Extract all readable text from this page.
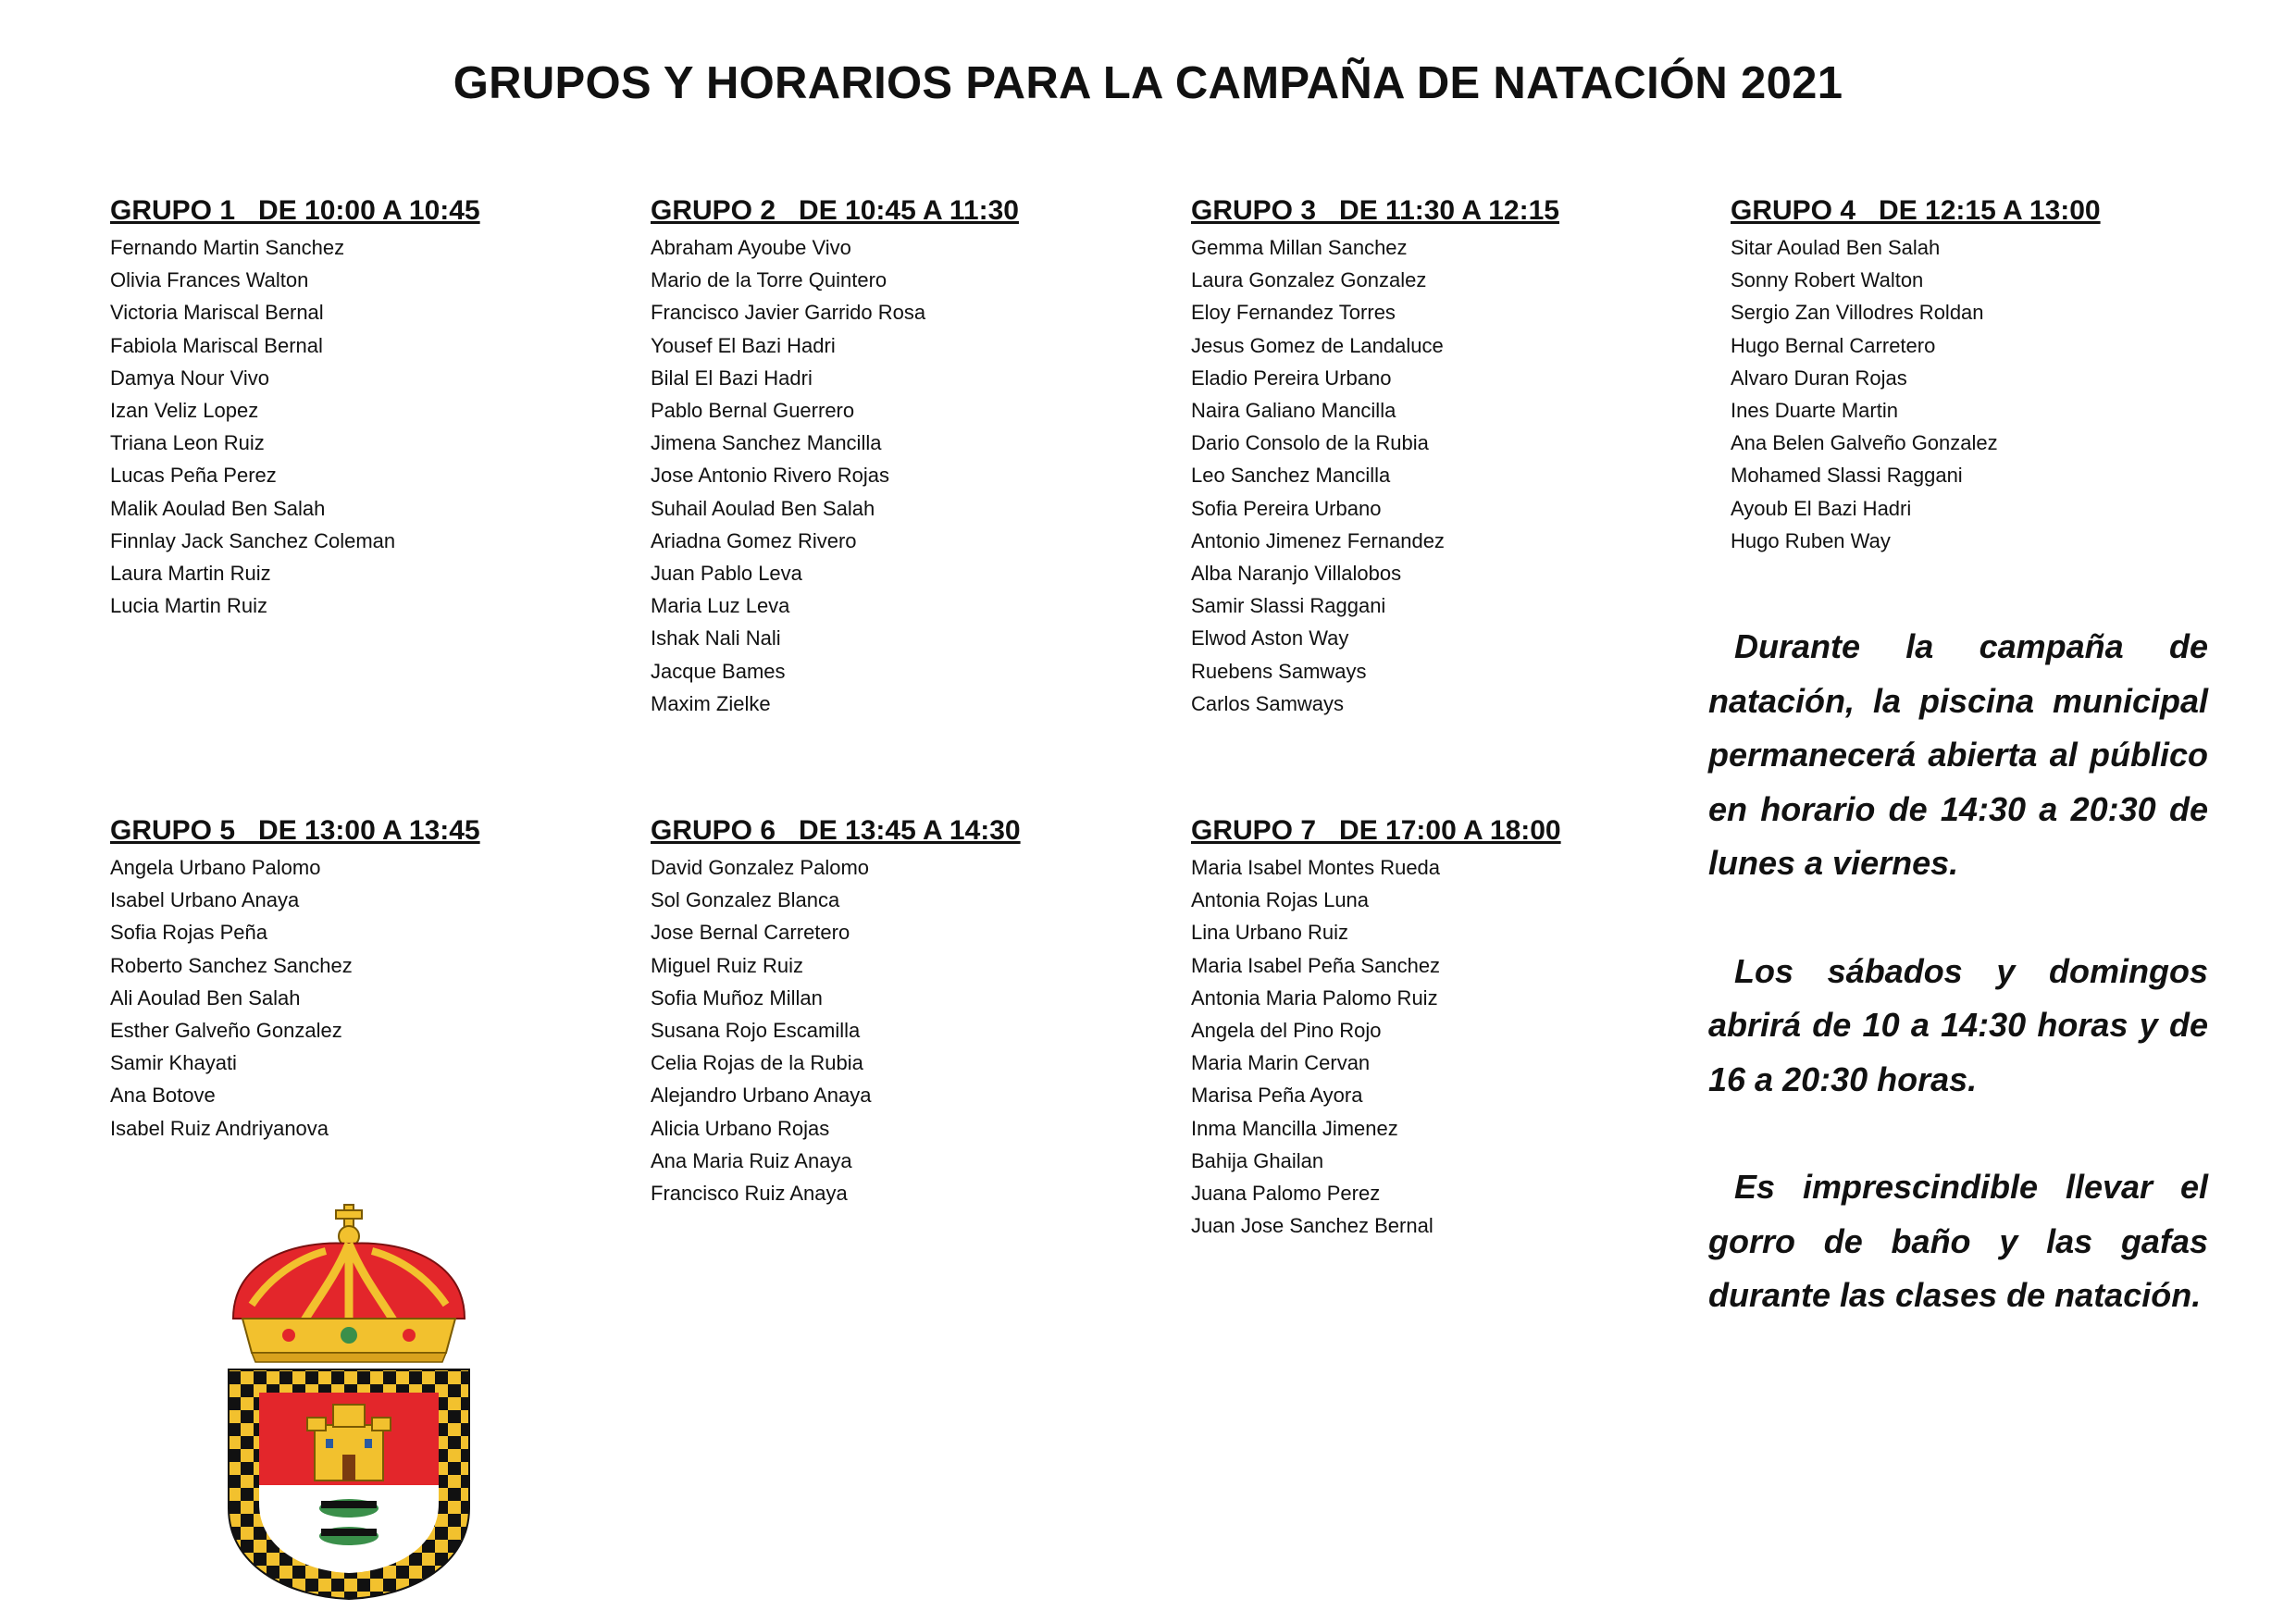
GRUPOS Y HORARIOS PARA LA CAMPAÑA DE NATACIÓN 2021
GRUPO 1   DE 10:00 A 10:45
Fernando Martin Sanchez
Olivia Frances Walton
Victoria Mariscal Bernal
Fabiola Mariscal Bernal
Damya Nour Vivo
Izan Veliz Lopez
Triana Leon Ruiz
Lucas Peña Perez
Malik Aoulad Ben Salah
Finnlay Jack Sanchez Coleman
Laura Martin Ruiz
Lucia Martin Ruiz
GRUPO 2   DE 10:45 A 11:30
Abraham Ayoube Vivo
Mario de la Torre Quintero
Francisco Javier Garrido Rosa
Yousef El Bazi Hadri
Bilal El Bazi Hadri
Pablo Bernal Guerrero
Jimena Sanchez Mancilla
Jose Antonio Rivero Rojas
Suhail Aoulad Ben Salah
Ariadna Gomez Rivero
Juan Pablo Leva
Maria Luz Leva
Ishak Nali Nali
Jacque Bames
Maxim Zielke
GRUPO 3   DE 11:30 A 12:15
Gemma Millan Sanchez
Laura Gonzalez Gonzalez
Eloy Fernandez Torres
Jesus Gomez de Landaluce
Eladio Pereira Urbano
Naira Galiano Mancilla
Dario Consolo de la Rubia
Leo Sanchez Mancilla
Sofia Pereira Urbano
Antonio Jimenez Fernandez
Alba Naranjo Villalobos
Samir Slassi Raggani
Elwod Aston Way
Ruebens Samways
Carlos Samways
GRUPO 4   DE 12:15 A 13:00
Sitar Aoulad Ben Salah
Sonny Robert Walton
Sergio Zan Villodres Roldan
Hugo Bernal Carretero
Alvaro Duran Rojas
Ines Duarte Martin
Ana Belen Galveño Gonzalez
Mohamed Slassi Raggani
Ayoub El Bazi Hadri
Hugo Ruben Way
GRUPO 5   DE 13:00 A 13:45
Angela Urbano Palomo
Isabel Urbano Anaya
Sofia Rojas Peña
Roberto Sanchez Sanchez
Ali Aoulad Ben Salah
Esther Galveño Gonzalez
Samir Khayati
Ana Botove
Isabel Ruiz Andriyanova
GRUPO 6   DE 13:45 A 14:30
David Gonzalez Palomo
Sol Gonzalez Blanca
Jose Bernal Carretero
Miguel Ruiz Ruiz
Sofia Muñoz Millan
Susana Rojo Escamilla
Celia Rojas de la Rubia
Alejandro Urbano Anaya
Alicia Urbano Rojas
Ana Maria Ruiz Anaya
Francisco Ruiz Anaya
GRUPO 7   DE 17:00 A 18:00
Maria Isabel Montes Rueda
Antonia Rojas Luna
Lina Urbano Ruiz
Maria Isabel Peña Sanchez
Antonia Maria Palomo Ruiz
Angela del Pino Rojo
Maria Marin Cervan
Marisa Peña Ayora
Inma Mancilla Jimenez
Bahija Ghailan
Juana Palomo Perez
Juan Jose Sanchez Bernal

Durante la campaña de natación, la piscina municipal permanecerá abierta al público en horario de 14:30 a 20:30 de lunes a viernes.

Los sábados y domingos abrirá de 10 a 14:30 horas y de 16 a 20:30 horas.

Es imprescindible llevar el gorro de baño y las gafas durante las clases de natación.
